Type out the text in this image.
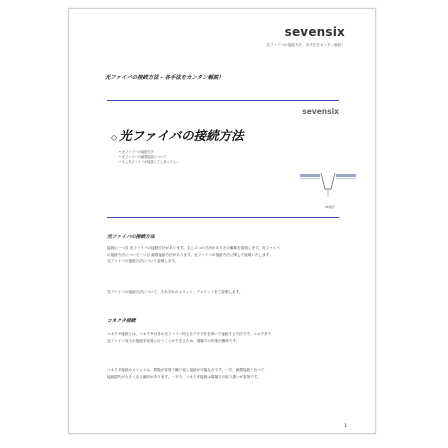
sevensix
光ファイバの接続方法 - 各手法をカンタン解説！
光ファイバの接続方法 - 各手法をカンタン解説！
sevensix
◇ 光ファイバの接続方法
• 光ファイバの接続方法
• 光ファイバの融着接続について
• もし光ファイバが接続してしまったら…
PZ接続
光ファイバの接続方法

接続の一つ目 光ファイバの接続方法があります。主に２つの方法がありその概要を説明します。光ファイバ
の接続方法について一つ目 融着接続方法があります。光ファイバの接続方法に関して説明いたします。
光ファイバの接続方法について説明します。

光ファイバの接続方法について、それぞれのメリット・デメリットをご説明します。

コネクタ接続

コネクタ接続とは、コネクタ付きの光ファイバ同士をアダプタを用いて接続する方法です。コネクタで
光ファイバ同士の接続を容易に行うことができるため、現場での作業が簡単です。

コネクタ接続のメリットは、着脱が容易で繰り返し接続が可能な点です。一方、融着接続と比べて
接続損失が大きくなる傾向があります。一方で、コネクタ接続は現場での取り扱いが容易です。

1
